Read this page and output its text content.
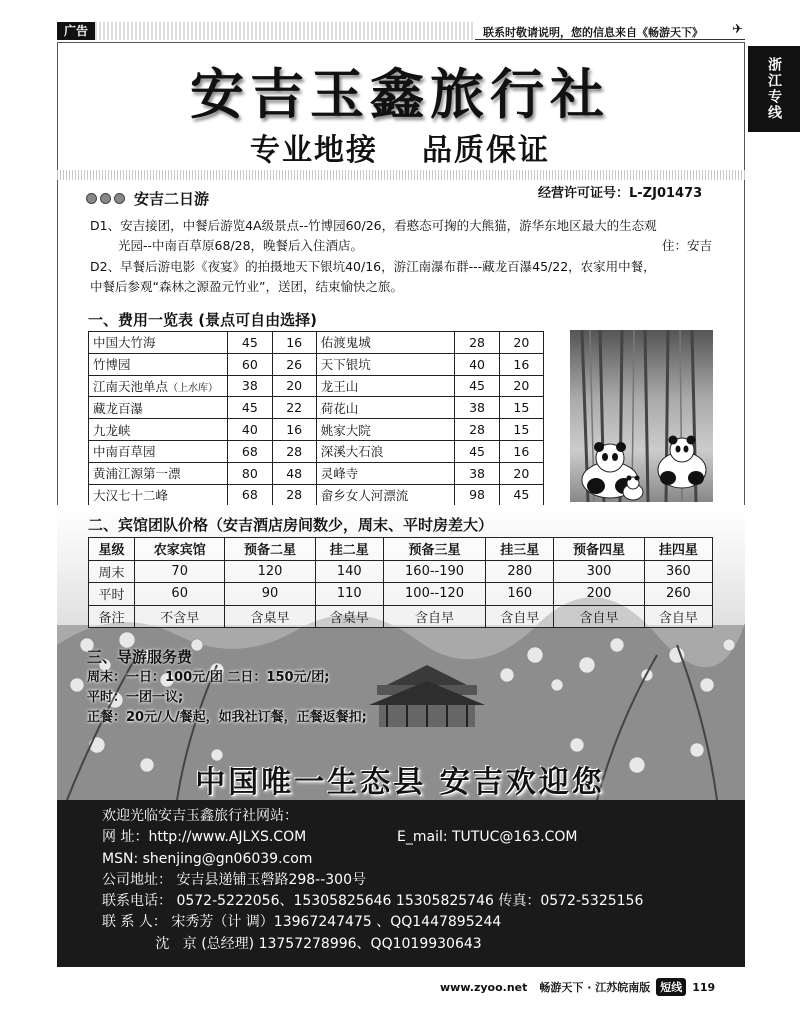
广告	联系时敬请说明，您的信息来自《畅游天下》 ✈
浙江专线
安吉玉鑫旅行社
专业地接 品质保证
安吉二日游	经营许可证号：L-ZJ01473
D1、安吉接团，中餐后游览4A级景点--竹博园60/26，看憨态可掬的大熊猫，游华东地区最大的生态观
光园--中南百草原68/28，晚餐后入住酒店。	住：安吉
D2、早餐后游电影《夜宴》的拍摄地天下银坑40/16，游江南瀑布群---藏龙百瀑45/22，农家用中餐，
中餐后参观“森林之源盈元竹业”，送团，结束愉快之旅。
一、费用一览表 (景点可自由选择)
中国大竹海	45	16	佑渡鬼城	28	20
竹博园	60	26	天下银坑	40	16
江南天池单点（上水库）	38	20	龙王山	45	20
藏龙百瀑	45	22	荷花山	38	15
九龙峡	40	16	姚家大院	28	15
中南百草园	68	28	深溪大石浪	45	16
黄浦江源第一漂	80	48	灵峰寺	38	20
大汉七十二峰	68	28	畲乡女人河漂流	98	45
二、宾馆团队价格（安吉酒店房间数少，周末、平时房差大）
星级	农家宾馆	预备二星	挂二星	预备三星	挂三星	预备四星	挂四星
周末	70	120	140	160--190	280	300	360
平时	60	90	110	100--120	160	200	260
备注	不含早	含桌早	含桌早	含自早	含自早	含自早	含自早
三、导游服务费
周末：一日：100元/团 二日：150元/团;
平时：一团一议;
正餐：20元/人/餐起，如我社订餐，正餐返餐扣;
中国唯一生态县 安吉欢迎您
欢迎光临安吉玉鑫旅行社网站：
网 址：http://www.AJLXS.COM	E_mail: TUTUC@163.COM
MSN: shenjing@gn06039.com
公司地址： 安吉县递铺玉磬路298--300号
联系电话： 0572-5222056、15305825646 15305825746 传真：0572-5325156
联 系 人： 宋秀芳（计 调）13967247475 、QQ1447895244
沈   京 (总经理) 13757278996、QQ1019930643
www.zyoo.net 畅游天下 · 江苏皖南版 短线 119
